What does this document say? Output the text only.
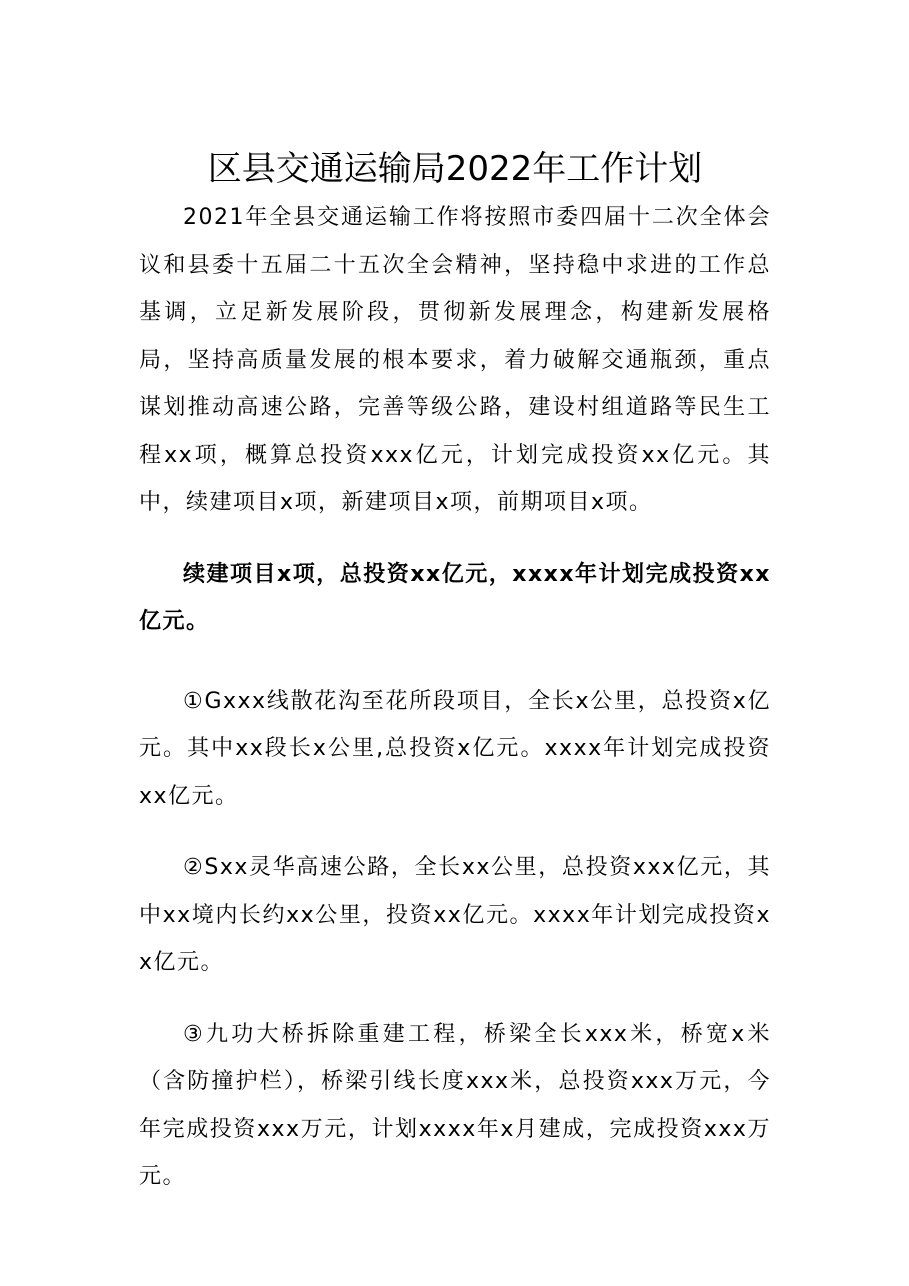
区县交通运输局2022年工作计划

2021年全县交通运输工作将按照市委四届十二次全体会议和县委十五届二十五次全会精神，坚持稳中求进的工作总基调，立足新发展阶段，贯彻新发展理念，构建新发展格局，坚持高质量发展的根本要求，着力破解交通瓶颈，重点谋划推动高速公路，完善等级公路，建设村组道路等民生工程xx项，概算总投资xxx亿元，计划完成投资xx亿元。其中，续建项目x项，新建项目x项，前期项目x项。

续建项目x项，总投资xx亿元，xxxx年计划完成投资xx亿元。

①Gxxx线散花沟至花所段项目，全长x公里，总投资x亿元。其中xx段长x公里,总投资x亿元。xxxx年计划完成投资xx亿元。

②Sxx灵华高速公路，全长xx公里，总投资xxx亿元，其中xx境内长约xx公里，投资xx亿元。xxxx年计划完成投资xx亿元。

③九功大桥拆除重建工程，桥梁全长xxx米，桥宽x米（含防撞护栏），桥梁引线长度xxx米，总投资xxx万元，今年完成投资xxx万元，计划xxxx年x月建成，完成投资xxx万元。
